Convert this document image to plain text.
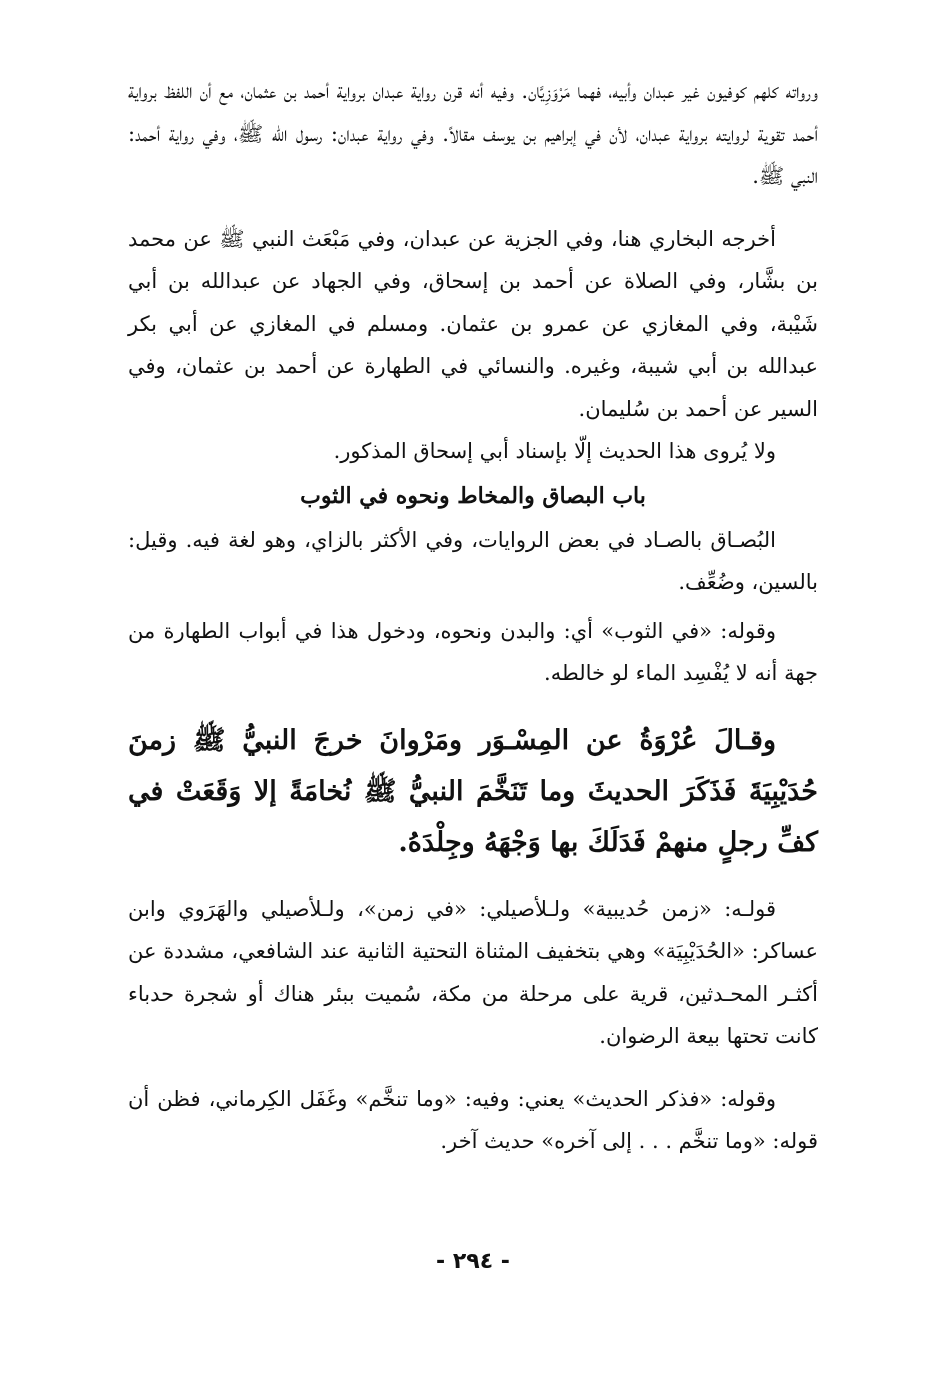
ورواته كلهم كوفيون غير عبدان وأبيه، فهما مَرْوَزِيَّان. وفيه أنه قرن رواية عبدان برواية أحمد بن عثمان، مع أن اللفظ برواية أحمد تقوية لروايته برواية عبدان، لأن في إبراهيم بن يوسف مقالاً. وفي رواية عبدان: رسول الله ﷺ، وفي رواية أحمد: النبي ﷺ.

أخرجه البخاري هنا، وفي الجزية عن عبدان، وفي مَبْعَث النبي ﷺ عن محمد بن بشَّار، وفي الصلاة عن أحمد بن إسحاق، وفي الجهاد عن عبدالله بن أبي شَيْبة، وفي المغازي عن عمرو بن عثمان. ومسلم في المغازي عن أبي بكر عبدالله بن أبي شيبة، وغيره. والنسائي في الطهارة عن أحمد بن عثمان، وفي السير عن أحمد بن سُليمان.

ولا يُروى هذا الحديث إلّا بإسناد أبي إسحاق المذكور.

باب البصاق والمخاط ونحوه في الثوب

البُصـاق بالصـاد في بعض الروايات، وفي الأكثر بالزاي، وهو لغة فيه. وقيل: بالسين، وضُعِّف.

وقوله: «في الثوب» أي: والبدن ونحوه، ودخول هذا في أبواب الطهارة من جهة أنه لا يُفْسِد الماء لو خالطه.

وقـالَ عُرْوَةُ عن المِسْـوَر ومَرْوانَ خرجَ النبيُّ ﷺ زمنَ حُدَيْبِيَةَ فَذَكَرَ الحديثَ وما تَنَخَّمَ النبيُّ ﷺ نُخامَةً إلا وَقَعَتْ في كفِّ رجلٍ منهمْ فَدَلَكَ بها وَجْهَهُ وجِلْدَهُ.

قولـه: «زمن حُديبية» ولـلأصيلي: «في زمن»، ولـلأصيلي والهَرَوي وابن عساكر: «الحُدَيْبِيَة» وهي بتخفيف المثناة التحتية الثانية عند الشافعي، مشددة عن أكثـر المحـدثين، قرية على مرحلة من مكة، سُميت ببئر هناك أو شجرة حدباء كانت تحتها بيعة الرضوان.

وقوله: «فذكر الحديث» يعني: وفيه: «وما تنخَّم» وغَفَل الكِرماني، فظن أن قوله: «وما تنخَّم . . . إلى آخره» حديث آخر.

- ٢٩٤ -
